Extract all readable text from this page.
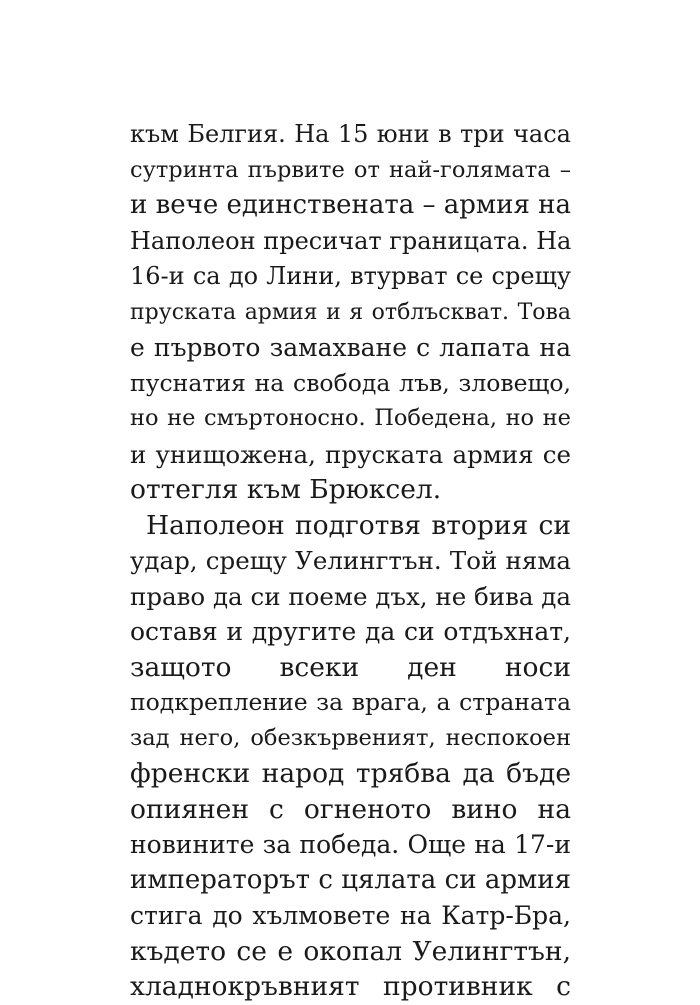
към Белгия. На 15 юни в три часа
сутринта първите от най-голямата –
и вече единствената – армия на
Наполеон пресичат границата. На
16-и са до Лини, втурват се срещу
пруската армия и я отблъскват. Това
е първото замахване с лапата на
пуснатия на свобода лъв, зловещо,
но не смъртоносно. Победена, но не
и унищожена, пруската армия се
оттегля към Брюксел.
Наполеон подготвя втория си
удар, срещу Уелингтън. Той няма
право да си поеме дъх, не бива да
оставя и другите да си отдъхнат,
защото всеки ден носи
подкрепление за врага, а страната
зад него, обезкървеният, неспокоен
френски народ трябва да бъде
опиянен с огненото вино на
новините за победа. Още на 17-и
императорът с цялата си армия
стига до хълмовете на Катр-Бра,
където се е окопал Уелингтън,
хладнокръвният противник с
